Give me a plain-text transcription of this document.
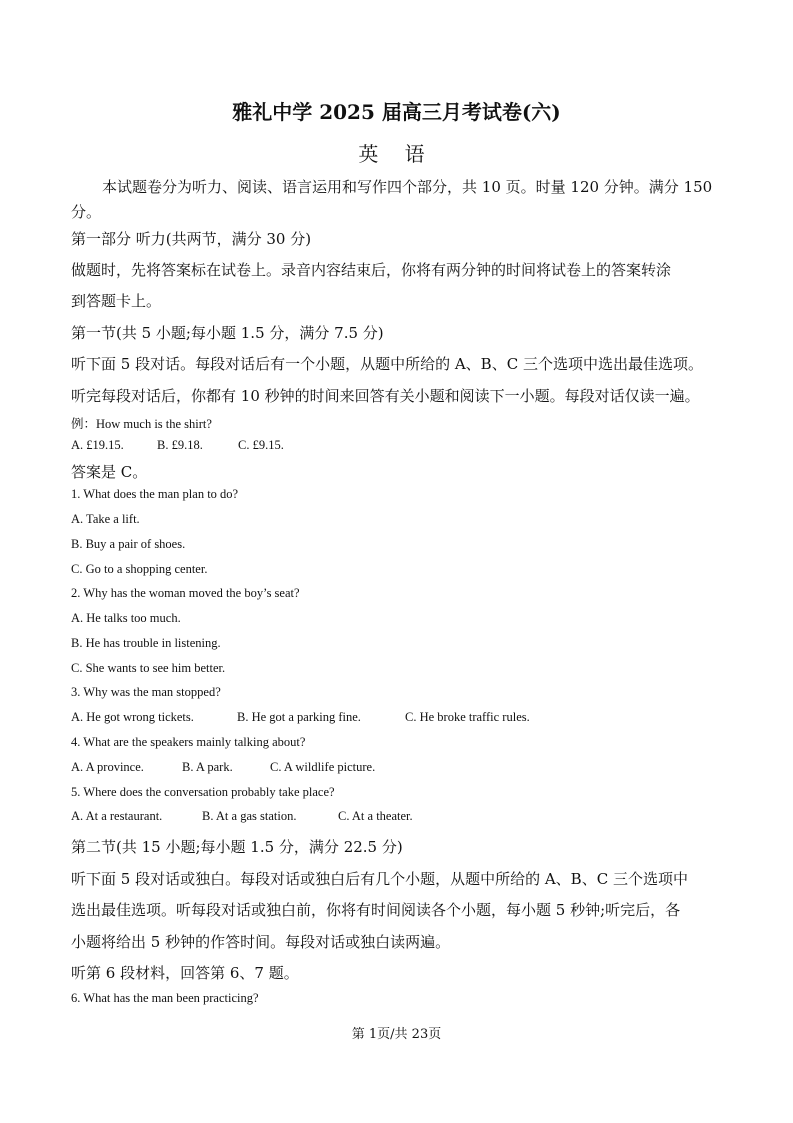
雅礼中学 2025 届高三月考试卷(六)
英 语
本试题卷分为听力、阅读、语言运用和写作四个部分，共 10 页。时量 120 分钟。满分 150
分。
第一部分 听力(共两节，满分 30 分)
做题时，先将答案标在试卷上。录音内容结束后，你将有两分钟的时间将试卷上的答案转涂
到答题卡上。
第一节(共 5 小题;每小题 1.5 分，满分 7.5 分)
听下面 5 段对话。每段对话后有一个小题，从题中所给的 A、B、C 三个选项中选出最佳选项。
听完每段对话后，你都有 10 秒钟的时间来回答有关小题和阅读下一小题。每段对话仅读一遍。
例：How much is the shirt?
A. £19.15.	B. £9.18.	C. £9.15.
答案是 C。
1. What does the man plan to do?
A. Take a lift.
B. Buy a pair of shoes.
C. Go to a shopping center.
2. Why has the woman moved the boy’s seat?
A. He talks too much.
B. He has trouble in listening.
C. She wants to see him better.
3. Why was the man stopped?
A. He got wrong tickets.	B. He got a parking fine.	C. He broke traffic rules.
4. What are the speakers mainly talking about?
A. A province.	B. A park.	C. A wildlife picture.
5. Where does the conversation probably take place?
A. At a restaurant.	B. At a gas station.	C. At a theater.
第二节(共 15 小题;每小题 1.5 分，满分 22.5 分)
听下面 5 段对话或独白。每段对话或独白后有几个小题，从题中所给的 A、B、C 三个选项中
选出最佳选项。听每段对话或独白前，你将有时间阅读各个小题，每小题 5 秒钟;听完后，各
小题将给出 5 秒钟的作答时间。每段对话或独白读两遍。
听第 6 段材料，回答第 6、7 题。
6. What has the man been practicing?
第 1页/共 23页
